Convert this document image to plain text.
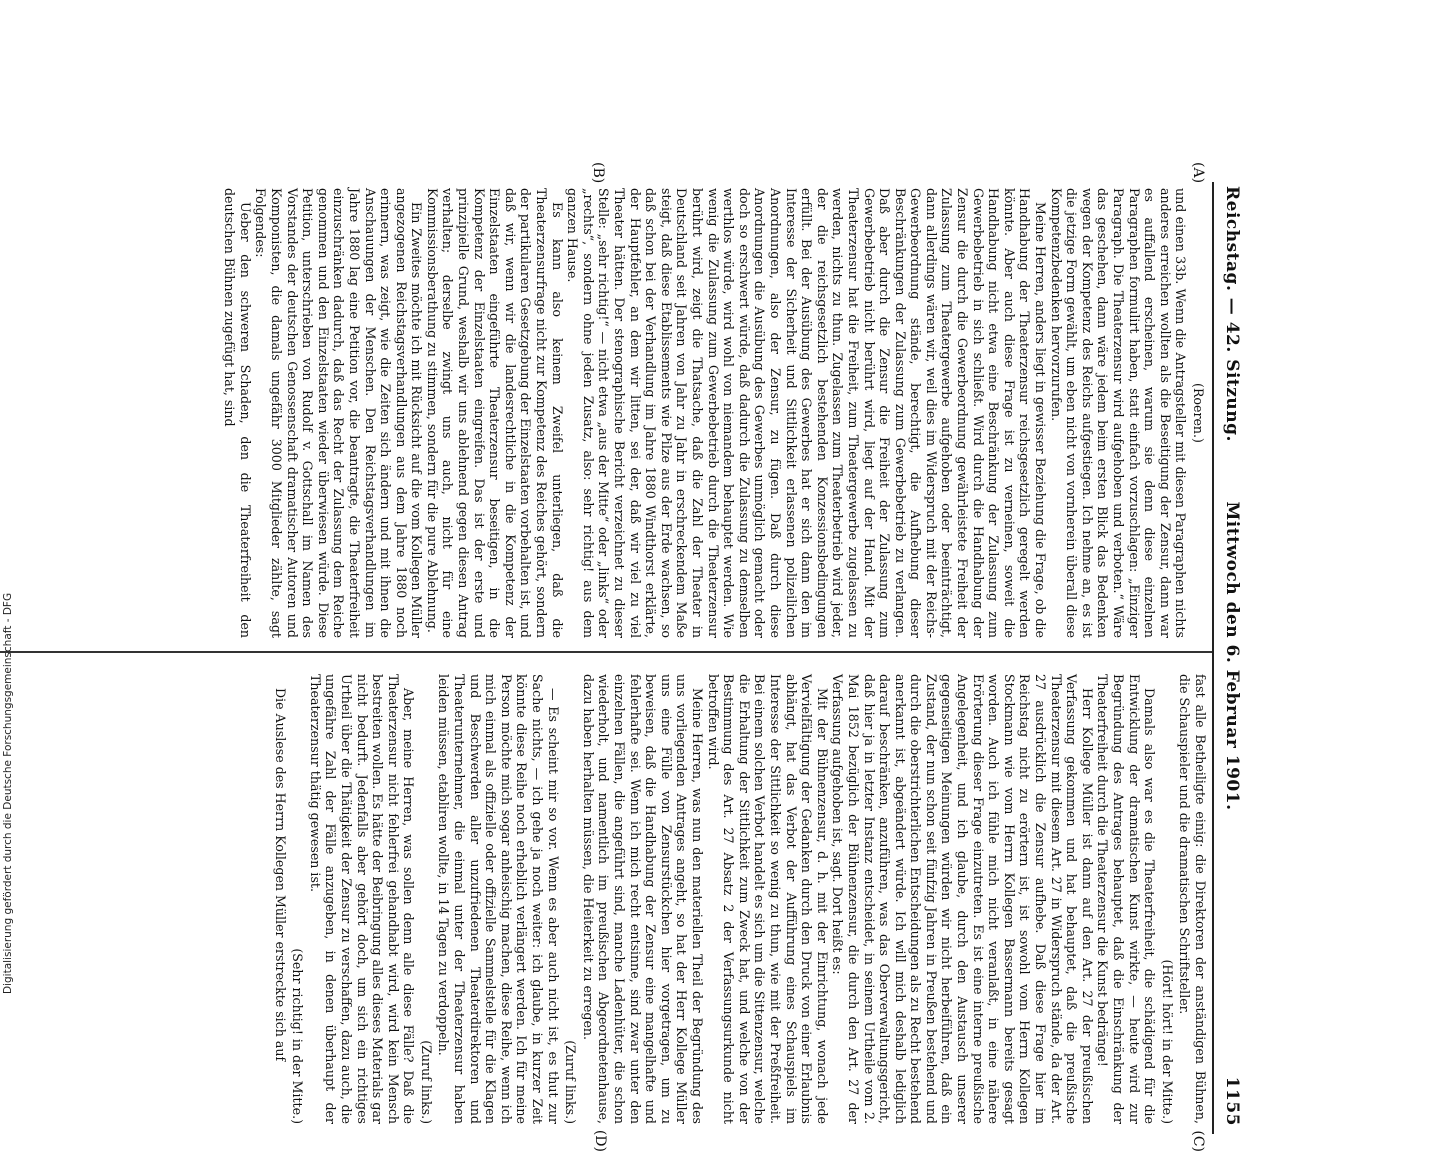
Reichstag. — 42. Sitzung.
Mittwoch den 6. Februar 1901.
1155
(A)
(B)
(C)
(D)

(Roeren.)

und einen 33b. Wenn die Antragsteller mit diesen Paragraphen nichts anderes erreichen wollten als die Beseitigung der Zensur, dann war es auffallend erscheinen, warum sie denn diese einzelnen Paragraphen formulirt haben, statt einfach vorzuschlagen: „Einziger Paragraph. Die Theaterzensur wird aufgehoben und verboten.“ Wäre das geschehen, dann wäre jedem beim ersten Blick das Bedenken wegen der Kompetenz des Reichs aufgestiegen. Ich nehme an, es ist die jetzige Form gewählt, um eben nicht von vornherein überall diese Kompetenzbedenken hervorzurufen.

Meine Herren, anders liegt in gewisser Beziehung die Frage, ob die Handhabung der Theaterzensur reichsgesetzlich geregelt werden könnte. Aber auch diese Frage ist zu verneinen, soweit die Handhabung nicht etwa eine Beschränkung der Zulassung zum Gewerbebetrieb in sich schließt. Wird durch die Handhabung der Zensur die durch die Gewerbeordnung gewährleistete Freiheit der Zulassung zum Theatergewerbe aufgehoben oder beeinträchtigt, dann allerdings wären wir, weil dies im Widerspruch mit der Reichs-Gewerbeordnung stände, berechtigt, die Aufhebung dieser Beschränkungen der Zulassung zum Gewerbebetrieb zu verlangen. Daß aber durch die Zensur die Freiheit der Zulassung zum Gewerbebetrieb nicht berührt wird, liegt auf der Hand. Mit der Theaterzensur hat die Freiheit, zum Theatergewerbe zugelassen zu werden, nichts zu thun. Zugelassen zum Theaterbetrieb wird jeder, der die reichsgesetzlich bestehenden Konzessionsbedingungen erfüllt. Bei der Ausübung des Gewerbes hat er sich dann den im Interesse der Sicherheit und Sittlichkeit erlassenen polizeilichen Anordnungen, also der Zensur, zu fügen. Daß durch diese Anordnungen die Ausübung des Gewerbes unmöglich gemacht oder doch so erschwert würde, daß dadurch die Zulassung zu demselben werthlos würde, wird wohl von niemandem behauptet werden. Wie wenig die Zulassung zum Gewerbebetrieb durch die Theaterzensur berührt wird, zeigt die Thatsache, daß die Zahl der Theater in Deutschland seit Jahren von Jahr zu Jahr in erschreckendem Maße steigt, daß diese Etablissements wie Pilze aus der Erde wachsen, so daß schon bei der Verhandlung im Jahre 1880 Windthorst erklärte, der Hauptfehler, an dem wir litten, sei der, daß wir viel zu viel Theater hätten. Der stenographische Bericht verzeichnet zu dieser Stelle: „sehr richtig!“ — nicht etwa „aus der Mitte“ oder „links“ oder „rechts“, sondern ohne jeden Zusatz, also: sehr richtig! aus dem ganzen Hause.

Es kann also keinem Zweifel unterliegen, daß die Theaterzensurfrage nicht zur Kompetenz des Reiches gehört, sondern der partikularen Gesetzgebung der Einzelstaaten vorbehalten ist, und daß wir, wenn wir die landesrechtliche in die Kompetenz der Einzelstaaten eingeführte Theaterzensur beseitigen, in die Kompetenz der Einzelstaaten eingreifen. Das ist der erste und prinzipielle Grund, weshalb wir uns ablehnend gegen diesen Antrag verhalten; derselbe zwingt uns auch, nicht für eine Kommissionsberathung zu stimmen, sondern für die pure Ablehnung.

Ein Zweites möchte ich mit Rücksicht auf die vom Kollegen Müller angezogenen Reichstagsverhandlungen aus dem Jahre 1880 noch erinnern, was zeigt, wie die Zeiten sich ändern und mit ihnen die Anschauungen der Menschen. Den Reichstagsverhandlungen im Jahre 1880 lag eine Petition vor, die beantragte, die Theaterfreiheit einzuschränken dadurch, daß das Recht der Zulassung dem Reiche genommen und den Einzelstaaten wieder überwiesen würde. Diese Petition, unterschrieben von Rudolf v. Gottschall im Namen des Vorstandes der deutschen Genossenschaft dramatischer Autoren und Komponisten, die damals ungefähr 3000 Mitglieder zählte, sagt Folgendes:

Ueber den schweren Schaden, den die Theaterfreiheit den deutschen Bühnen zugefügt hat, sind

fast alle Betheiligte einig: die Direktoren der anständigen Bühnen, die Schauspieler und die dramatischen Schriftsteller.

(Hört! hört! in der Mitte.)

Damals also war es die Theaterfreiheit, die schädigend für die Entwicklung der dramatischen Kunst wirkte, — heute wird zur Begründung des Antrages behauptet, daß die Einschränkung der Theaterfreiheit durch die Theaterzensur die Kunst bedränge!

Herr Kollege Müller ist dann auf den Art. 27 der preußischen Verfassung gekommen und hat behauptet, daß die preußische Theaterzensur mit diesem Art. 27 in Widerspruch stände, da der Art. 27 ausdrücklich die Zensur aufhebe. Daß diese Frage hier im Reichstag nicht zu erörtern ist, ist sowohl vom Herrn Kollegen Stockmann wie vom Herrn Kollegen Bassermann bereits gesagt worden. Auch ich fühle mich nicht veranlaßt, in eine nähere Erörterung dieser Frage einzutreten. Es ist eine interne preußische Angelegenheit, und ich glaube, durch den Austausch unserer gegenseitigen Meinungen würden wir nicht herbeiführen, daß ein Zustand, der nun schon seit fünfzig Jahren in Preußen bestehend und durch die oberstrichterlichen Entscheidungen als zu Recht bestehend anerkannt ist, abgeändert würde. Ich will mich deshalb lediglich darauf beschränken, anzuführen, was das Oberverwaltungsgericht, daß hier ja in letzter Instanz entscheidet, in seinem Urtheile vom 2. Mai 1852 bezüglich der Bühnenzensur, die durch den Art. 27 der Verfassung aufgehoben ist, sagt. Dort heißt es:

Mit der Bühnenzensur, d. h. mit der Einrichtung, wonach jede Vervielfältigung der Gedanken durch den Druck von einer Erlaubnis abhängt, hat das Verbot der Aufführung eines Schauspiels im Interesse der Sittlichkeit so wenig zu thun, wie mit der Preßfreiheit. Bei einem solchen Verbot handelt es sich um die Sittenzensur, welche die Erhaltung der Sittlichkeit zum Zweck hat, und welche von der Bestimmung des Art. 27 Absatz 2 der Verfassungsurkunde nicht betroffen wird.

Meine Herren, was nun den materiellen Theil der Begründung des uns vorliegenden Antrages angeht, so hat der Herr Kollege Müller uns eine Fülle von Zensurstückchen hier vorgetragen, um zu beweisen, daß die Handhabung der Zensur eine mangelhafte und fehlerhafte sei. Wenn ich mich recht entsinne, sind zwar unter den einzelnen Fällen, die angeführt sind, manche Ladenhüter, die schon wiederholt, und namentlich im preußischen Abgeordnetenhause, dazu haben herhalten müssen, die Heiterkeit zu erregen.

(Zuruf links.)

— Es scheint mir so vor. Wenn es aber auch nicht ist, es thut zur Sache nichts, — ich gehe ja noch weiter: ich glaube, in kurzer Zeit könnte diese Reihe noch erheblich verlängert werden. Ich für meine Person möchte mich sogar anheischig machen, diese Reihe, wenn ich mich einmal als offizielle oder offizielle Sammelstelle für die Klagen und Beschwerden aller unzufriedenen Theaterdirektoren und Theaterunternehmer, die einmal unter der Theaterzensur haben leiden müssen, etabliren wollte, in 14 Tagen zu verdoppeln.

(Zuruf links.)

Aber, meine Herren, was sollen denn alle diese Fälle? Daß die Theaterzensur nicht fehlerfrei gehandhabt wird, wird kein Mensch bestreiten wollen. Es hätte der Beibringung alles dieses Materials gar nicht bedurft. Jedenfalls aber gehört doch, um sich ein richtiges Urtheil über die Thätigkeit der Zensur zu verschaffen, dazu auch, die ungefähre Zahl der Fälle anzugeben, in denen überhaupt der Theaterzensur thätig gewesen ist.

(Sehr richtig! in der Mitte.)

Die Auslese des Herrn Kollegen Müller erstreckte sich auf

Digitalisierung gefördert durch die Deutsche Forschungsgemeinschaft - DFG
